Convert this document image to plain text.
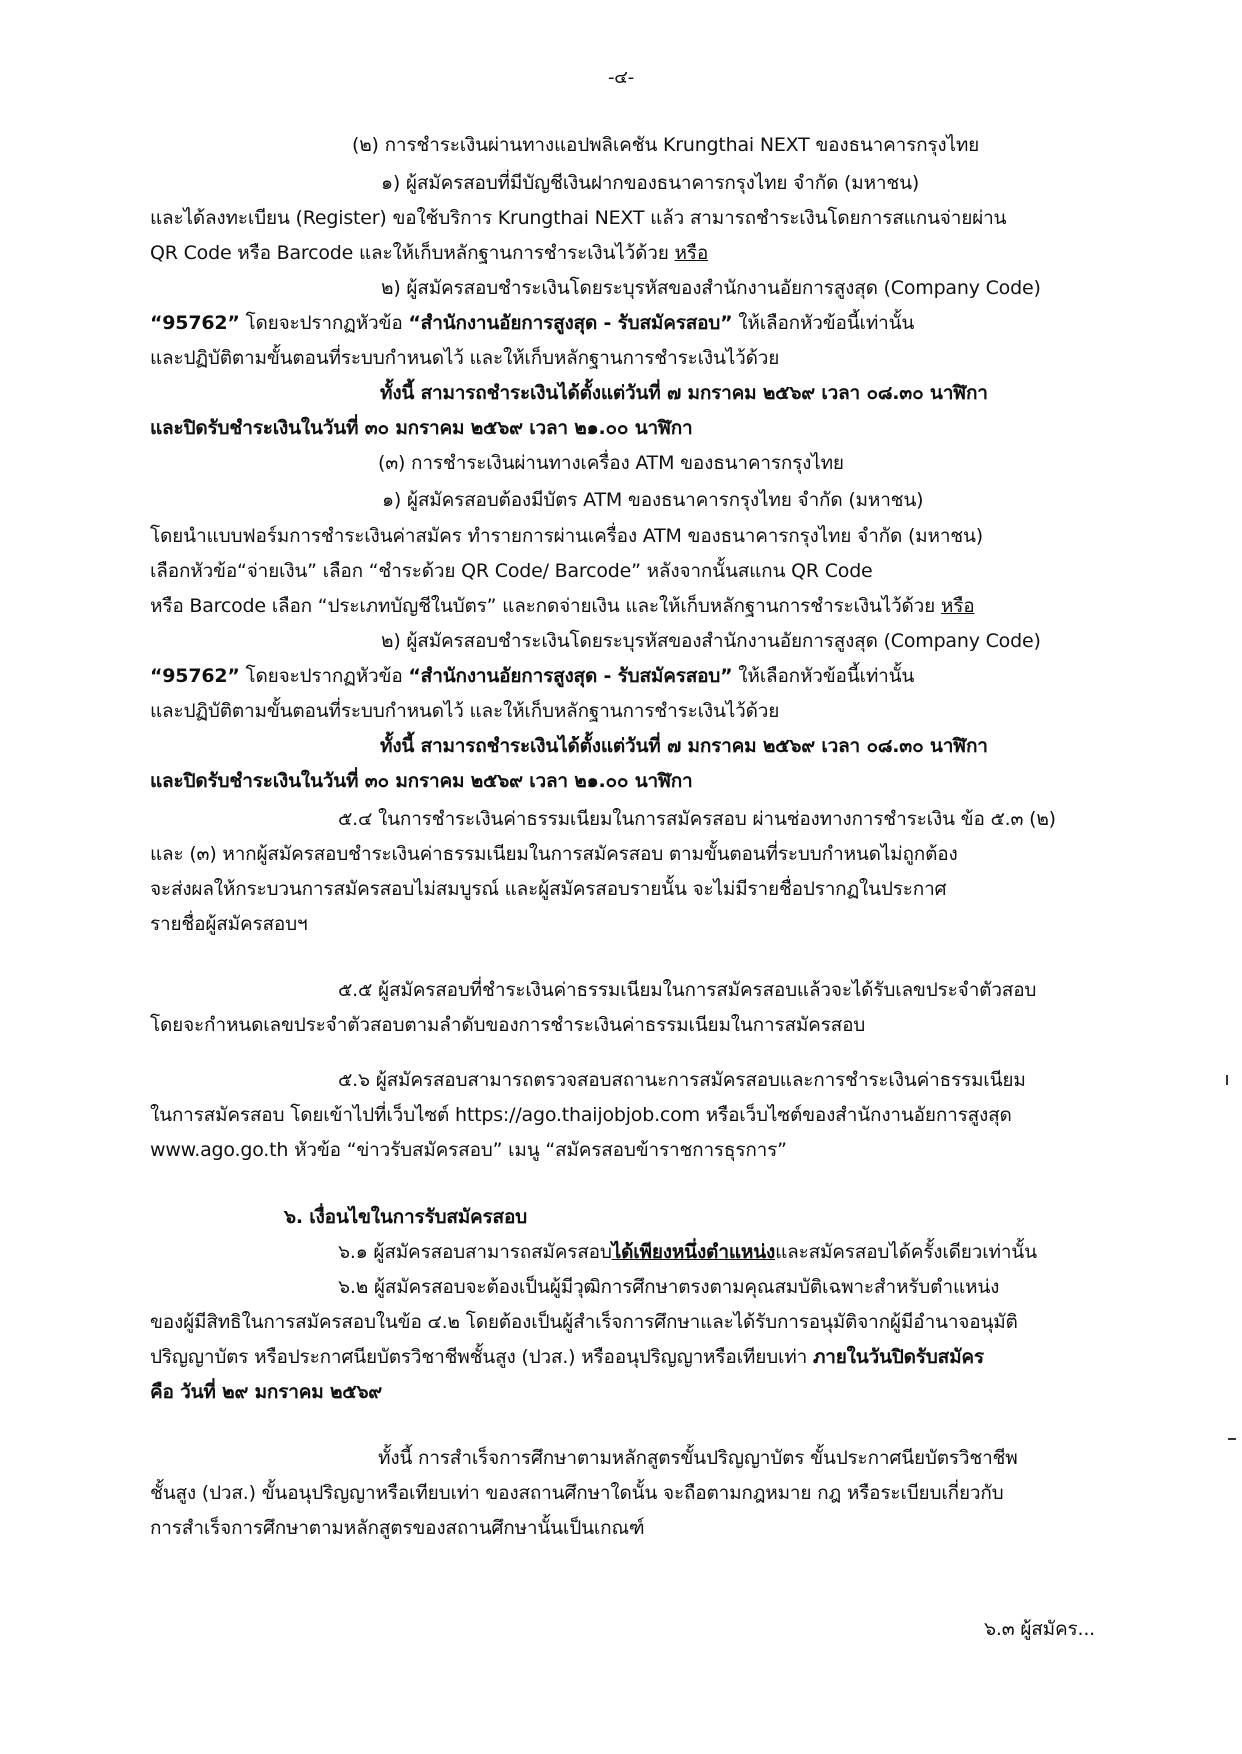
-๔-
(๒) การชำระเงินผ่านทางแอปพลิเคชัน Krungthai NEXT ของธนาคารกรุงไทย
๑) ผู้สมัครสอบที่มีบัญชีเงินฝากของธนาคารกรุงไทย จำกัด (มหาชน)
และได้ลงทะเบียน (Register) ขอใช้บริการ Krungthai NEXT แล้ว สามารถชำระเงินโดยการสแกนจ่ายผ่าน
QR Code หรือ Barcode และให้เก็บหลักฐานการชำระเงินไว้ด้วย หรือ
๒) ผู้สมัครสอบชำระเงินโดยระบุรหัสของสำนักงานอัยการสูงสุด (Company Code)
“95762” โดยจะปรากฏหัวข้อ “สำนักงานอัยการสูงสุด - รับสมัครสอบ” ให้เลือกหัวข้อนี้เท่านั้น
และปฏิบัติตามขั้นตอนที่ระบบกำหนดไว้ และให้เก็บหลักฐานการชำระเงินไว้ด้วย
ทั้งนี้ สามารถชำระเงินได้ตั้งแต่วันที่ ๗ มกราคม ๒๕๖๙ เวลา ๐๘.๓๐ นาฬิกา
และปิดรับชำระเงินในวันที่ ๓๐ มกราคม ๒๕๖๙ เวลา ๒๑.๐๐ นาฬิกา
(๓) การชำระเงินผ่านทางเครื่อง ATM ของธนาคารกรุงไทย
๑) ผู้สมัครสอบต้องมีบัตร ATM ของธนาคารกรุงไทย จำกัด (มหาชน)
โดยนำแบบฟอร์มการชำระเงินค่าสมัคร ทำรายการผ่านเครื่อง ATM ของธนาคารกรุงไทย จำกัด (มหาชน)
เลือกหัวข้อ“จ่ายเงิน” เลือก “ชำระด้วย QR Code/ Barcode” หลังจากนั้นสแกน QR Code
หรือ Barcode เลือก “ประเภทบัญชีในบัตร” และกดจ่ายเงิน และให้เก็บหลักฐานการชำระเงินไว้ด้วย หรือ
๒) ผู้สมัครสอบชำระเงินโดยระบุรหัสของสำนักงานอัยการสูงสุด (Company Code)
“95762” โดยจะปรากฏหัวข้อ “สำนักงานอัยการสูงสุด - รับสมัครสอบ” ให้เลือกหัวข้อนี้เท่านั้น
และปฏิบัติตามขั้นตอนที่ระบบกำหนดไว้ และให้เก็บหลักฐานการชำระเงินไว้ด้วย
ทั้งนี้ สามารถชำระเงินได้ตั้งแต่วันที่ ๗ มกราคม ๒๕๖๙ เวลา ๐๘.๓๐ นาฬิกา
และปิดรับชำระเงินในวันที่ ๓๐ มกราคม ๒๕๖๙ เวลา ๒๑.๐๐ นาฬิกา
๕.๔ ในการชำระเงินค่าธรรมเนียมในการสมัครสอบ ผ่านช่องทางการชำระเงิน ข้อ ๕.๓ (๒)
และ (๓) หากผู้สมัครสอบชำระเงินค่าธรรมเนียมในการสมัครสอบ ตามขั้นตอนที่ระบบกำหนดไม่ถูกต้อง
จะส่งผลให้กระบวนการสมัครสอบไม่สมบูรณ์ และผู้สมัครสอบรายนั้น จะไม่มีรายชื่อปรากฏในประกาศ
รายชื่อผู้สมัครสอบฯ
๕.๕ ผู้สมัครสอบที่ชำระเงินค่าธรรมเนียมในการสมัครสอบแล้วจะได้รับเลขประจำตัวสอบ
โดยจะกำหนดเลขประจำตัวสอบตามลำดับของการชำระเงินค่าธรรมเนียมในการสมัครสอบ
๕.๖ ผู้สมัครสอบสามารถตรวจสอบสถานะการสมัครสอบและการชำระเงินค่าธรรมเนียม
ในการสมัครสอบ โดยเข้าไปที่เว็บไซต์ https://ago.thaijobjob.com หรือเว็บไซต์ของสำนักงานอัยการสูงสุด
www.ago.go.th หัวข้อ “ข่าวรับสมัครสอบ” เมนู “สมัครสอบข้าราชการธุรการ”
๖. เงื่อนไขในการรับสมัครสอบ
๖.๑ ผู้สมัครสอบสามารถสมัครสอบได้เพียงหนึ่งตำแหน่งและสมัครสอบได้ครั้งเดียวเท่านั้น
๖.๒ ผู้สมัครสอบจะต้องเป็นผู้มีวุฒิการศึกษาตรงตามคุณสมบัติเฉพาะสำหรับตำแหน่ง
ของผู้มีสิทธิในการสมัครสอบในข้อ ๔.๒ โดยต้องเป็นผู้สำเร็จการศึกษาและได้รับการอนุมัติจากผู้มีอำนาจอนุมัติ
ปริญญาบัตร หรือประกาศนียบัตรวิชาชีพชั้นสูง (ปวส.) หรืออนุปริญญาหรือเทียบเท่า ภายในวันปิดรับสมัคร
คือ วันที่ ๒๙ มกราคม ๒๕๖๙
ทั้งนี้ การสำเร็จการศึกษาตามหลักสูตรขั้นปริญญาบัตร ขั้นประกาศนียบัตรวิชาชีพ
ชั้นสูง (ปวส.) ขั้นอนุปริญญาหรือเทียบเท่า ของสถานศึกษาใดนั้น จะถือตามกฎหมาย กฎ หรือระเบียบเกี่ยวกับ
การสำเร็จการศึกษาตามหลักสูตรของสถานศึกษานั้นเป็นเกณฑ์
๖.๓ ผู้สมัคร...
